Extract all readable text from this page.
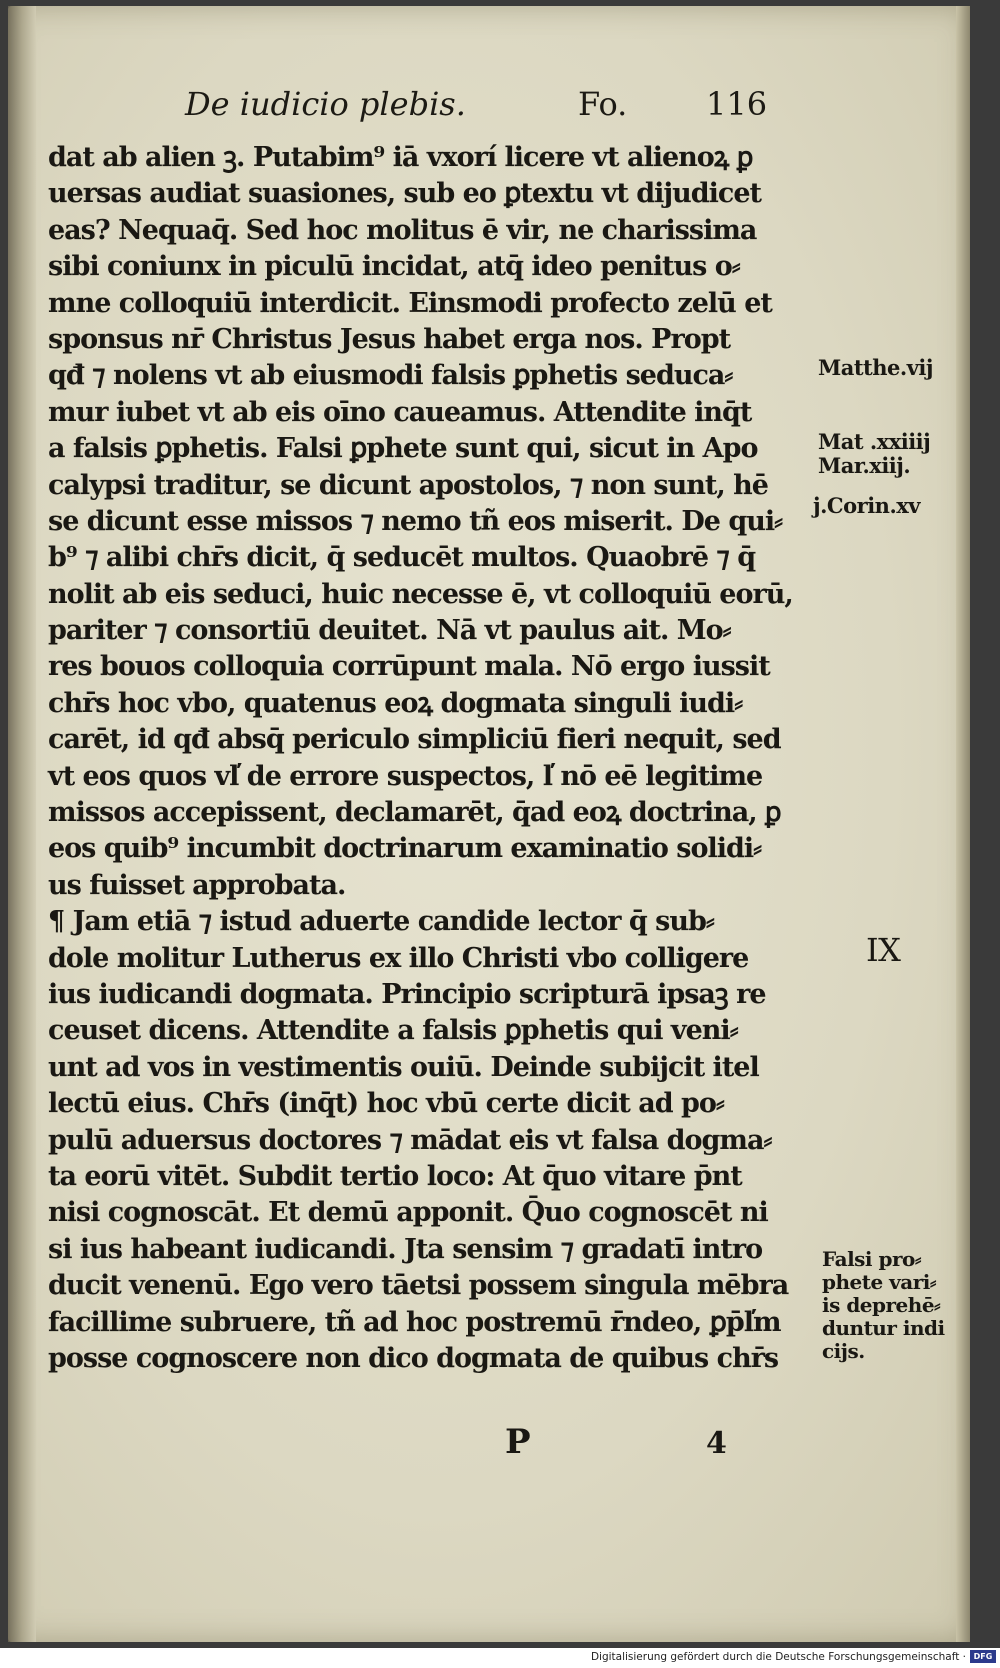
De iudicio plebis.	Fo. 116
dat ab alien ꝫ. Putabim⁹ iā vxorí licere vt alienoꝝ ꝑ
uersas audiat suasiones, sub eo ꝑtextu vt dijudicet
eas? Nequaq̄. Sed hoc molitus ē vir, ne charissima
sibi coniunx in piculū incidat, atq̄ ideo penitus o⸗
mne colloquiū interdicit. Einsmodi profecto zelū et
sponsus nr̄ Christus Jesus habet erga nos. Propt
qđ ⁊ nolens vt ab eiusmodi falsis ꝑphetis seduca⸗
mur iubet vt ab eis oīno caueamus. Attendite inq̄t
a falsis ꝑphetis. Falsi ꝑphete sunt qui, sicut in Apo
calypsi traditur, se dicunt apostolos, ⁊ non sunt, hē
se dicunt esse missos ⁊ nemo tñ eos miserit. De qui⸗
b⁹ ⁊ alibi chr̄s dicit, q̄ seducēt multos. Quaobrē ⁊ q̄
nolit ab eis seduci, huic necesse ē, vt colloquiū eorū,
pariter ⁊ consortiū deuitet. Nā vt paulus ait. Mo⸗
res bouos colloquia corrūpunt mala. Nō ergo iussit
chr̄s hoc vbo, quatenus eoꝝ dogmata singuli iudi⸗
carēt, id qđ absq̄ periculo simpliciū fieri nequit, sed
vt eos quos vl̕ de errore suspectos, l̕ nō eē legitime
missos accepissent, declamarēt, q̄ad eoꝝ doctrina, ꝑ
eos quib⁹ incumbit doctrinarum examinatio solidi⸗
us fuisset approbata.
¶ Jam etiā ⁊ istud aduerte candide lector q̄ sub⸗
dole molitur Lutherus ex illo Christi vbo colligere
ius iudicandi dogmata. Principio scripturā ipsaꝫ re
ceuset dicens. Attendite a falsis ꝑphetis qui veni⸗
unt ad vos in vestimentis ouiū. Deinde subijcit itel
lectū eius. Chr̄s (inq̄t) hoc vbū certe dicit ad po⸗
pulū aduersus doctores ⁊ mādat eis vt falsa dogma⸗
ta eorū vitēt. Subdit tertio loco: At q̄uo vitare p̄nt
nisi cognoscāt. Et demū apponit. Q̄uo cognoscēt ni
si ius habeant iudicandi. Jta sensim ⁊ gradatī intro
ducit venenū. Ego vero tāetsi possem singula mēbra
facillime subruere, tñ ad hoc postremū r̄ndeo, ꝑp̄l̕m
posse cognoscere non dico dogmata de quibus chr̄s
Matthe.vij
Mat .xxiiij
Mar.xiij.
j.Corin.xv
IX
Falsi pro⸗
phete vari⸗
is deprehē⸗
duntur indi
cijs.
P	4
Digitalisierung gefördert durch die Deutsche Forschungsgemeinschaft · DFG
